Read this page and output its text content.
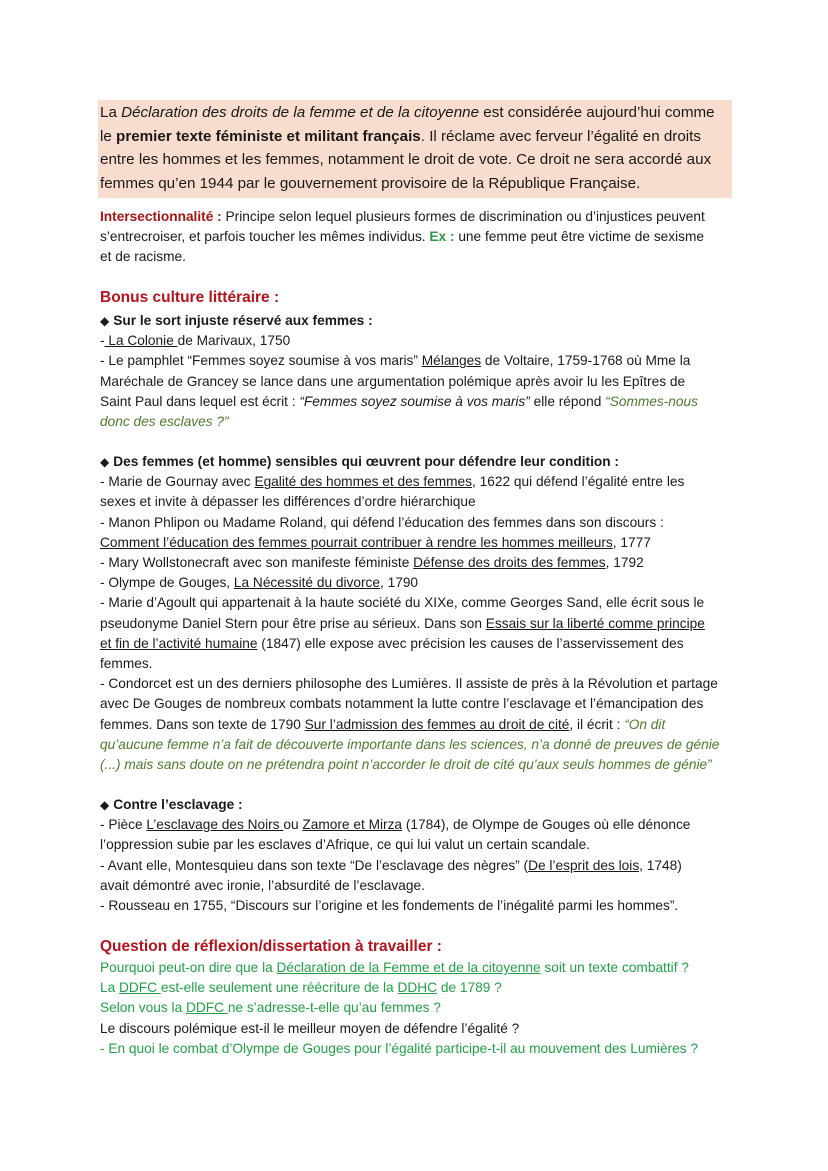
La Déclaration des droits de la femme et de la citoyenne est considérée aujourd’hui comme
le premier texte féministe et militant français. Il réclame avec ferveur l’égalité en droits
entre les hommes et les femmes, notamment le droit de vote. Ce droit ne sera accordé aux
femmes qu’en 1944 par le gouvernement provisoire de la République Française.
Intersectionnalité : Principe selon lequel plusieurs formes de discrimination ou d’injustices peuvent
s’entrecroiser, et parfois toucher les mêmes individus. Ex : une femme peut être victime de sexisme
et de racisme.
Bonus culture littéraire :
◆ Sur le sort injuste réservé aux femmes :
- La Colonie de Marivaux, 1750
- Le pamphlet “Femmes soyez soumise à vos maris” Mélanges de Voltaire, 1759-1768 où Mme la
Maréchale de Grancey se lance dans une argumentation polémique après avoir lu les Epîtres de
Saint Paul dans lequel est écrit : “Femmes soyez soumise à vos maris” elle répond “Sommes-nous
donc des esclaves ?”
◆ Des femmes (et homme) sensibles qui œuvrent pour défendre leur condition :
- Marie de Gournay avec Egalité des hommes et des femmes, 1622 qui défend l’égalité entre les
sexes et invite à dépasser les différences d’ordre hiérarchique
- Manon Phlipon ou Madame Roland, qui défend l’éducation des femmes dans son discours :
Comment l’éducation des femmes pourrait contribuer à rendre les hommes meilleurs, 1777
- Mary Wollstonecraft avec son manifeste féministe Défense des droits des femmes, 1792
- Olympe de Gouges, La Nécessité du divorce, 1790
- Marie d’Agoult qui appartenait à la haute société du XIXe, comme Georges Sand, elle écrit sous le
pseudonyme Daniel Stern pour être prise au sérieux. Dans son Essais sur la liberté comme principe
et fin de l’activité humaine (1847) elle expose avec précision les causes de l’asservissement des
femmes.
- Condorcet est un des derniers philosophe des Lumières. Il assiste de près à la Révolution et partage
avec De Gouges de nombreux combats notamment la lutte contre l’esclavage et l’émancipation des
femmes. Dans son texte de 1790 Sur l’admission des femmes au droit de cité, il écrit : “On dit
qu’aucune femme n’a fait de découverte importante dans les sciences, n’a donné de preuves de génie
(...) mais sans doute on ne prétendra point n’accorder le droit de cité qu’aux seuls hommes de génie”
◆ Contre l’esclavage :
- Pièce L’esclavage des Noirs ou Zamore et Mirza (1784), de Olympe de Gouges où elle dénonce
l’oppression subie par les esclaves d’Afrique, ce qui lui valut un certain scandale.
- Avant elle, Montesquieu dans son texte “De l’esclavage des nègres” (De l’esprit des lois, 1748)
avait démontré avec ironie, l’absurdité de l’esclavage.
- Rousseau en 1755, “Discours sur l’origine et les fondements de l’inégalité parmi les hommes”.
Question de réflexion/dissertation à travailler :
Pourquoi peut-on dire que la Déclaration de la Femme et de la citoyenne soit un texte combattif ?
La DDFC est-elle seulement une réécriture de la DDHC de 1789 ?
Selon vous la DDFC ne s’adresse-t-elle qu’au femmes ?
Le discours polémique est-il le meilleur moyen de défendre l’égalité ?
- En quoi le combat d’Olympe de Gouges pour l’égalité participe-t-il au mouvement des Lumières ?
